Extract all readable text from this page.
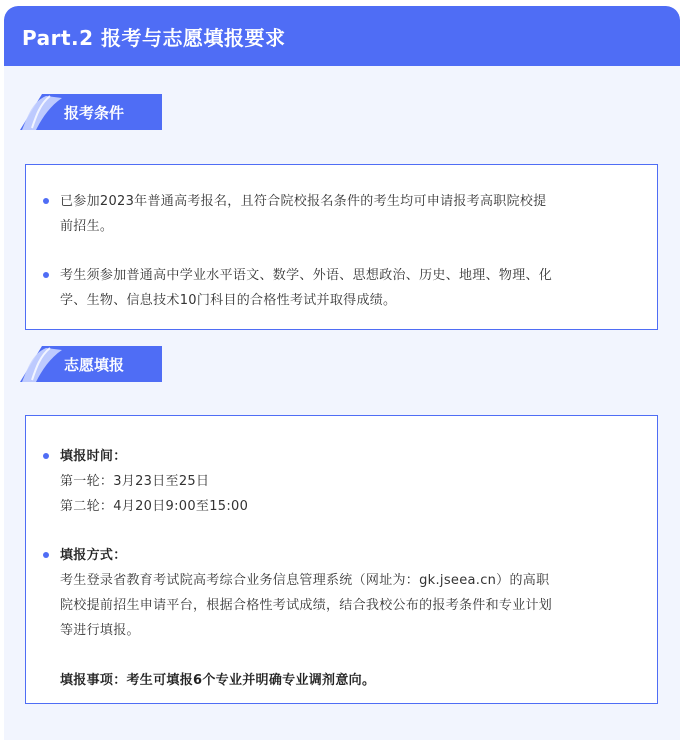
Part.2 报考与志愿填报要求
报考条件
已参加2023年普通高考报名，且符合院校报名条件的考生均可申请报考高职院校提
前招生。
考生须参加普通高中学业水平语文、数学、外语、思想政治、历史、地理、物理、化
学、生物、信息技术10门科目的合格性考试并取得成绩。
志愿填报
填报时间：
第一轮：3月23日至25日
第二轮：4月20日9:00至15:00
填报方式：
考生登录省教育考试院高考综合业务信息管理系统（网址为：gk.jseea.cn）的高职
院校提前招生申请平台，根据合格性考试成绩，结合我校公布的报考条件和专业计划
等进行填报。
填报事项：考生可填报6个专业并明确专业调剂意向。
